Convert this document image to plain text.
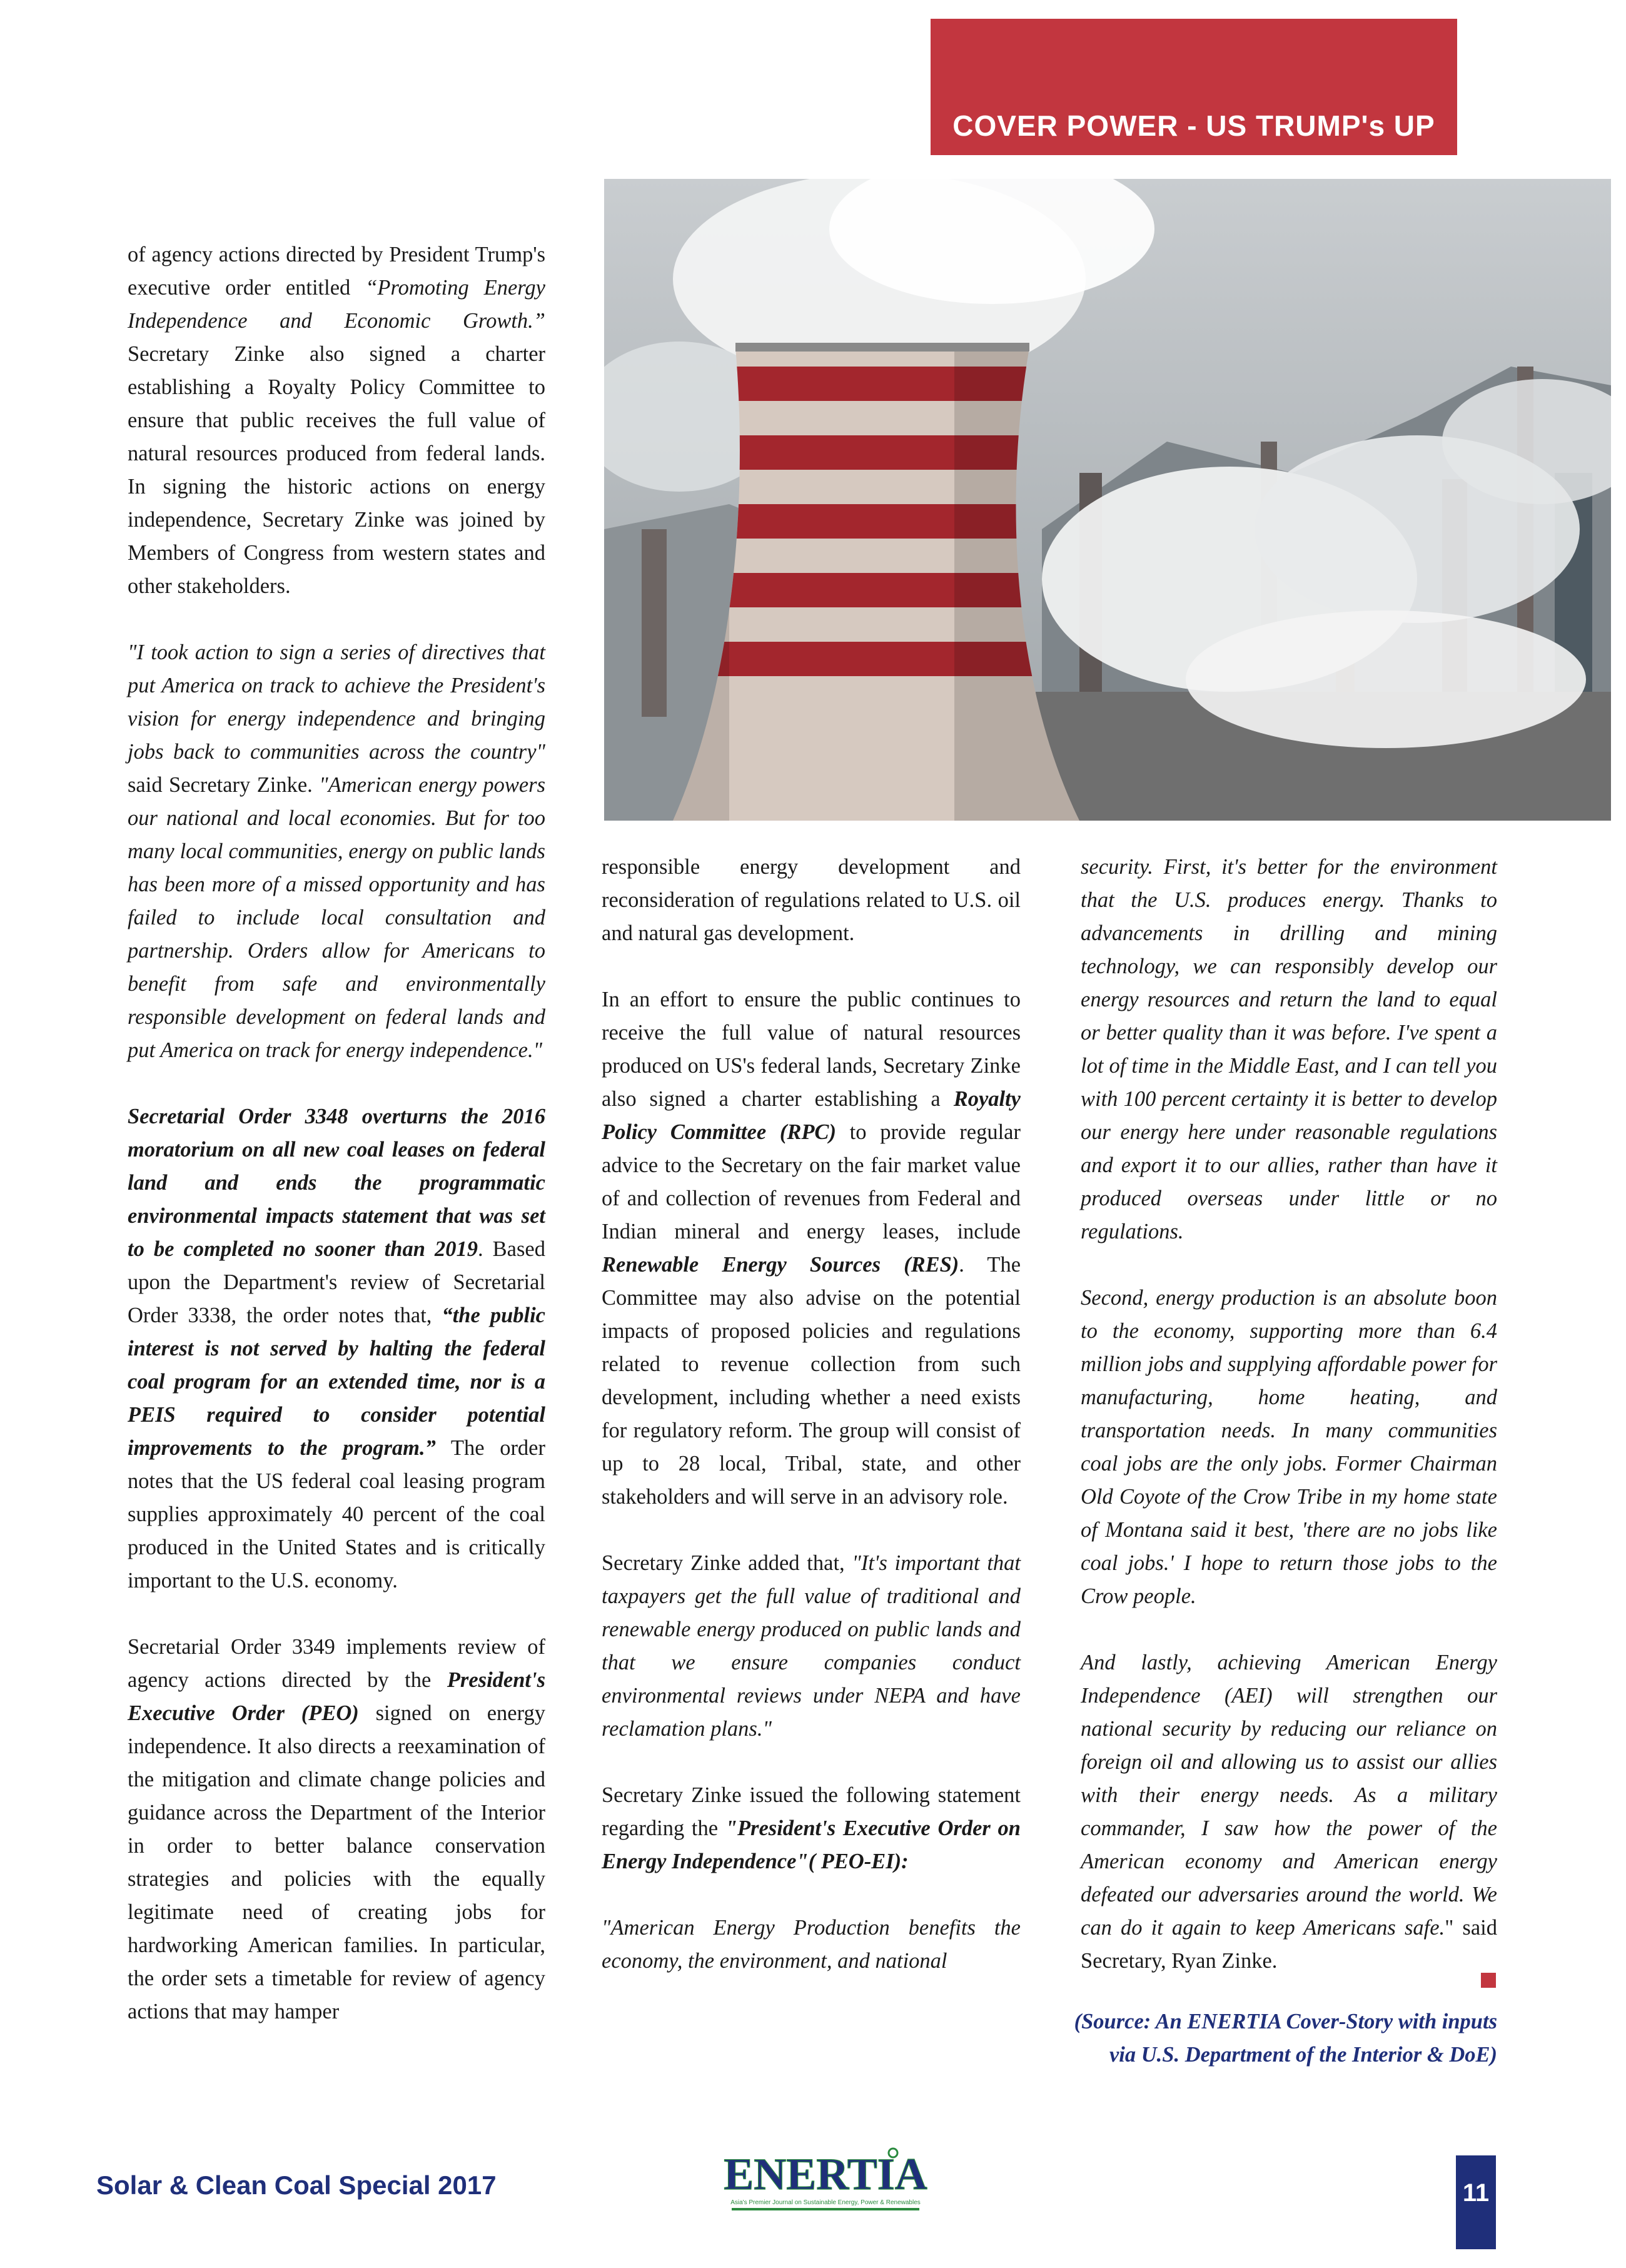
COVER POWER - US TRUMP's UP

of agency actions directed by President Trump's executive order entitled “Promoting Energy Independence and Economic Growth.” Secretary Zinke also signed a charter establishing a Royalty Policy Committee to ensure that public receives the full value of natural resources produced from federal lands. In signing the historic actions on energy independence, Secretary Zinke was joined by Members of Congress from western states and other stakeholders.

"I took action to sign a series of directives that put America on track to achieve the President's vision for energy independence and bringing jobs back to communities across the country" said Secretary Zinke. "American energy powers our national and local economies. But for too many local communities, energy on public lands has been more of a missed opportunity and has failed to include local consultation and partnership. Orders allow for Americans to benefit from safe and environmentally responsible development on federal lands and put America on track for energy independence."

Secretarial Order 3348 overturns the 2016 moratorium on all new coal leases on federal land and ends the programmatic environmental impacts statement that was set to be completed no sooner than 2019. Based upon the Department's review of Secretarial Order 3338, the order notes that, “the public interest is not served by halting the federal coal program for an extended time, nor is a PEIS required to consider potential improvements to the program.” The order notes that the US federal coal leasing program supplies approximately 40 percent of the coal produced in the United States and is critically important to the U.S. economy.

Secretarial Order 3349 implements review of agency actions directed by the President's Executive Order (PEO) signed on energy independence. It also directs a reexamination of the mitigation and climate change policies and guidance across the Department of the Interior in order to better balance conservation strategies and policies with the equally legitimate need of creating jobs for hardworking American families. In particular, the order sets a timetable for review of agency actions that may hamper

responsible energy development and reconsideration of regulations related to U.S. oil and natural gas development.

In an effort to ensure the public continues to receive the full value of natural resources produced on US's federal lands, Secretary Zinke also signed a charter establishing a Royalty Policy Committee (RPC) to provide regular advice to the Secretary on the fair market value of and collection of revenues from Federal and Indian mineral and energy leases, include Renewable Energy Sources (RES). The Committee may also advise on the potential impacts of proposed policies and regulations related to revenue collection from such development, including whether a need exists for regulatory reform. The group will consist of up to 28 local, Tribal, state, and other stakeholders and will serve in an advisory role.

Secretary Zinke added that, "It's important that taxpayers get the full value of traditional and renewable energy produced on public lands and that we ensure companies conduct environmental reviews under NEPA and have reclamation plans."

Secretary Zinke issued the following statement regarding the "President's Executive Order on Energy Independence"( PEO-EI):

"American Energy Production benefits the economy, the environment, and national

security. First, it's better for the environment that the U.S. produces energy. Thanks to advancements in drilling and mining technology, we can responsibly develop our energy resources and return the land to equal or better quality than it was before. I've spent a lot of time in the Middle East, and I can tell you with 100 percent certainty it is better to develop our energy here under reasonable regulations and export it to our allies, rather than have it produced overseas under little or no regulations.

Second, energy production is an absolute boon to the economy, supporting more than 6.4 million jobs and supplying affordable power for manufacturing, home heating, and transportation needs. In many communities coal jobs are the only jobs. Former Chairman Old Coyote of the Crow Tribe in my home state of Montana said it best, 'there are no jobs like coal jobs.' I hope to return those jobs to the Crow people.

And lastly, achieving American Energy Independence (AEI) will strengthen our national security by reducing our reliance on foreign oil and allowing us to assist our allies with their energy needs. As a military commander, I saw how the power of the American economy and American energy defeated our adversaries around the world. We can do it again to keep Americans safe." said Secretary, Ryan Zinke.

(Source: An ENERTIA Cover-Story with inputs via U.S. Department of the Interior & DoE)
Solar & Clean Coal Special 2017	ENERTIA
Asia's Premier Journal on Sustainable Energy, Power & Renewables	11
